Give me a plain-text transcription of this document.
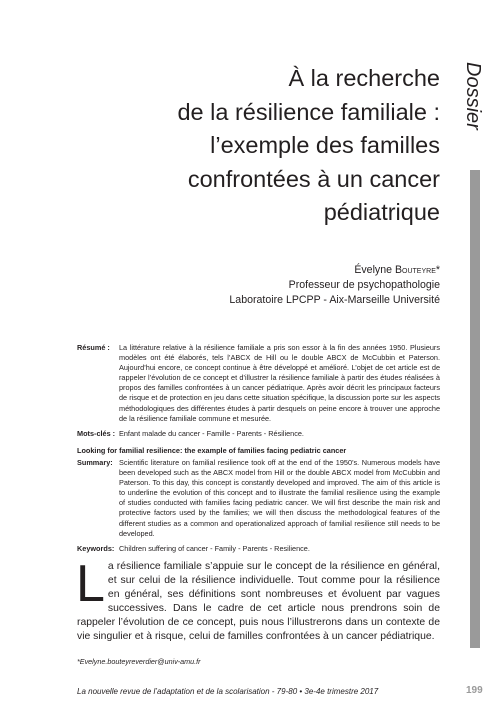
Dossier
À la recherche
de la résilience familiale :
l’exemple des familles
confrontées à un cancer
pédiatrique
Évelyne Bouteyre*
Professeur de psychopathologie
Laboratoire LPCPP - Aix-Marseille Université
Résumé :	La littérature relative à la résilience familiale a pris son essor à la fin des années 1950. Plusieurs modèles ont été élaborés, tels l’ABCX de Hill ou le double ABCX de McCubbin et Paterson. Aujourd’hui encore, ce concept continue à être développé et amélioré. L’objet de cet article est de rappeler l’évolution de ce concept et d’illustrer la résilience familiale à partir des études réalisées à propos des familles confrontées à un cancer pédiatrique. Après avoir décrit les principaux facteurs de risque et de protection en jeu dans cette situation spécifique, la discussion porte sur les aspects méthodologiques des différentes études à partir desquels on peine encore à trouver une approche de la résilience familiale commune et mesurée.
Mots-clés : Enfant malade du cancer - Famille - Parents - Résilience.
Looking for familial resilience: the example of families facing pediatric cancer
Summary: Scientific literature on familial resilience took off at the end of the 1950’s. Numerous models have been developed such as the ABCX model from Hill or the double ABCX model from McCubbin and Paterson. To this day, this concept is constantly developed and improved. The aim of this article is to underline the evolution of this concept and to illustrate the familial resilience using the example of studies conducted with families facing pediatric cancer. We will first describe the main risk and protective factors used by the families; we will then discuss the methodological features of the different studies as a common and operationalized approach of familial resilience still needs to be developed.
Keywords: Children suffering of cancer - Family - Parents - Resilience.
La résilience familiale s’appuie sur le concept de la résilience en général, et sur celui de la résilience individuelle. Tout comme pour la résilience en général, ses définitions sont nombreuses et évoluent par vagues successives. Dans le cadre de cet article nous prendrons soin de rappeler l’évolution de ce concept, puis nous l’illustrerons dans un contexte de vie singulier et à risque, celui de familles confrontées à un cancer pédiatrique.
*Evelyne.bouteyreverdier@univ-amu.fr
La nouvelle revue de l’adaptation et de la scolarisation - 79-80 • 3e-4e trimestre 2017	199
